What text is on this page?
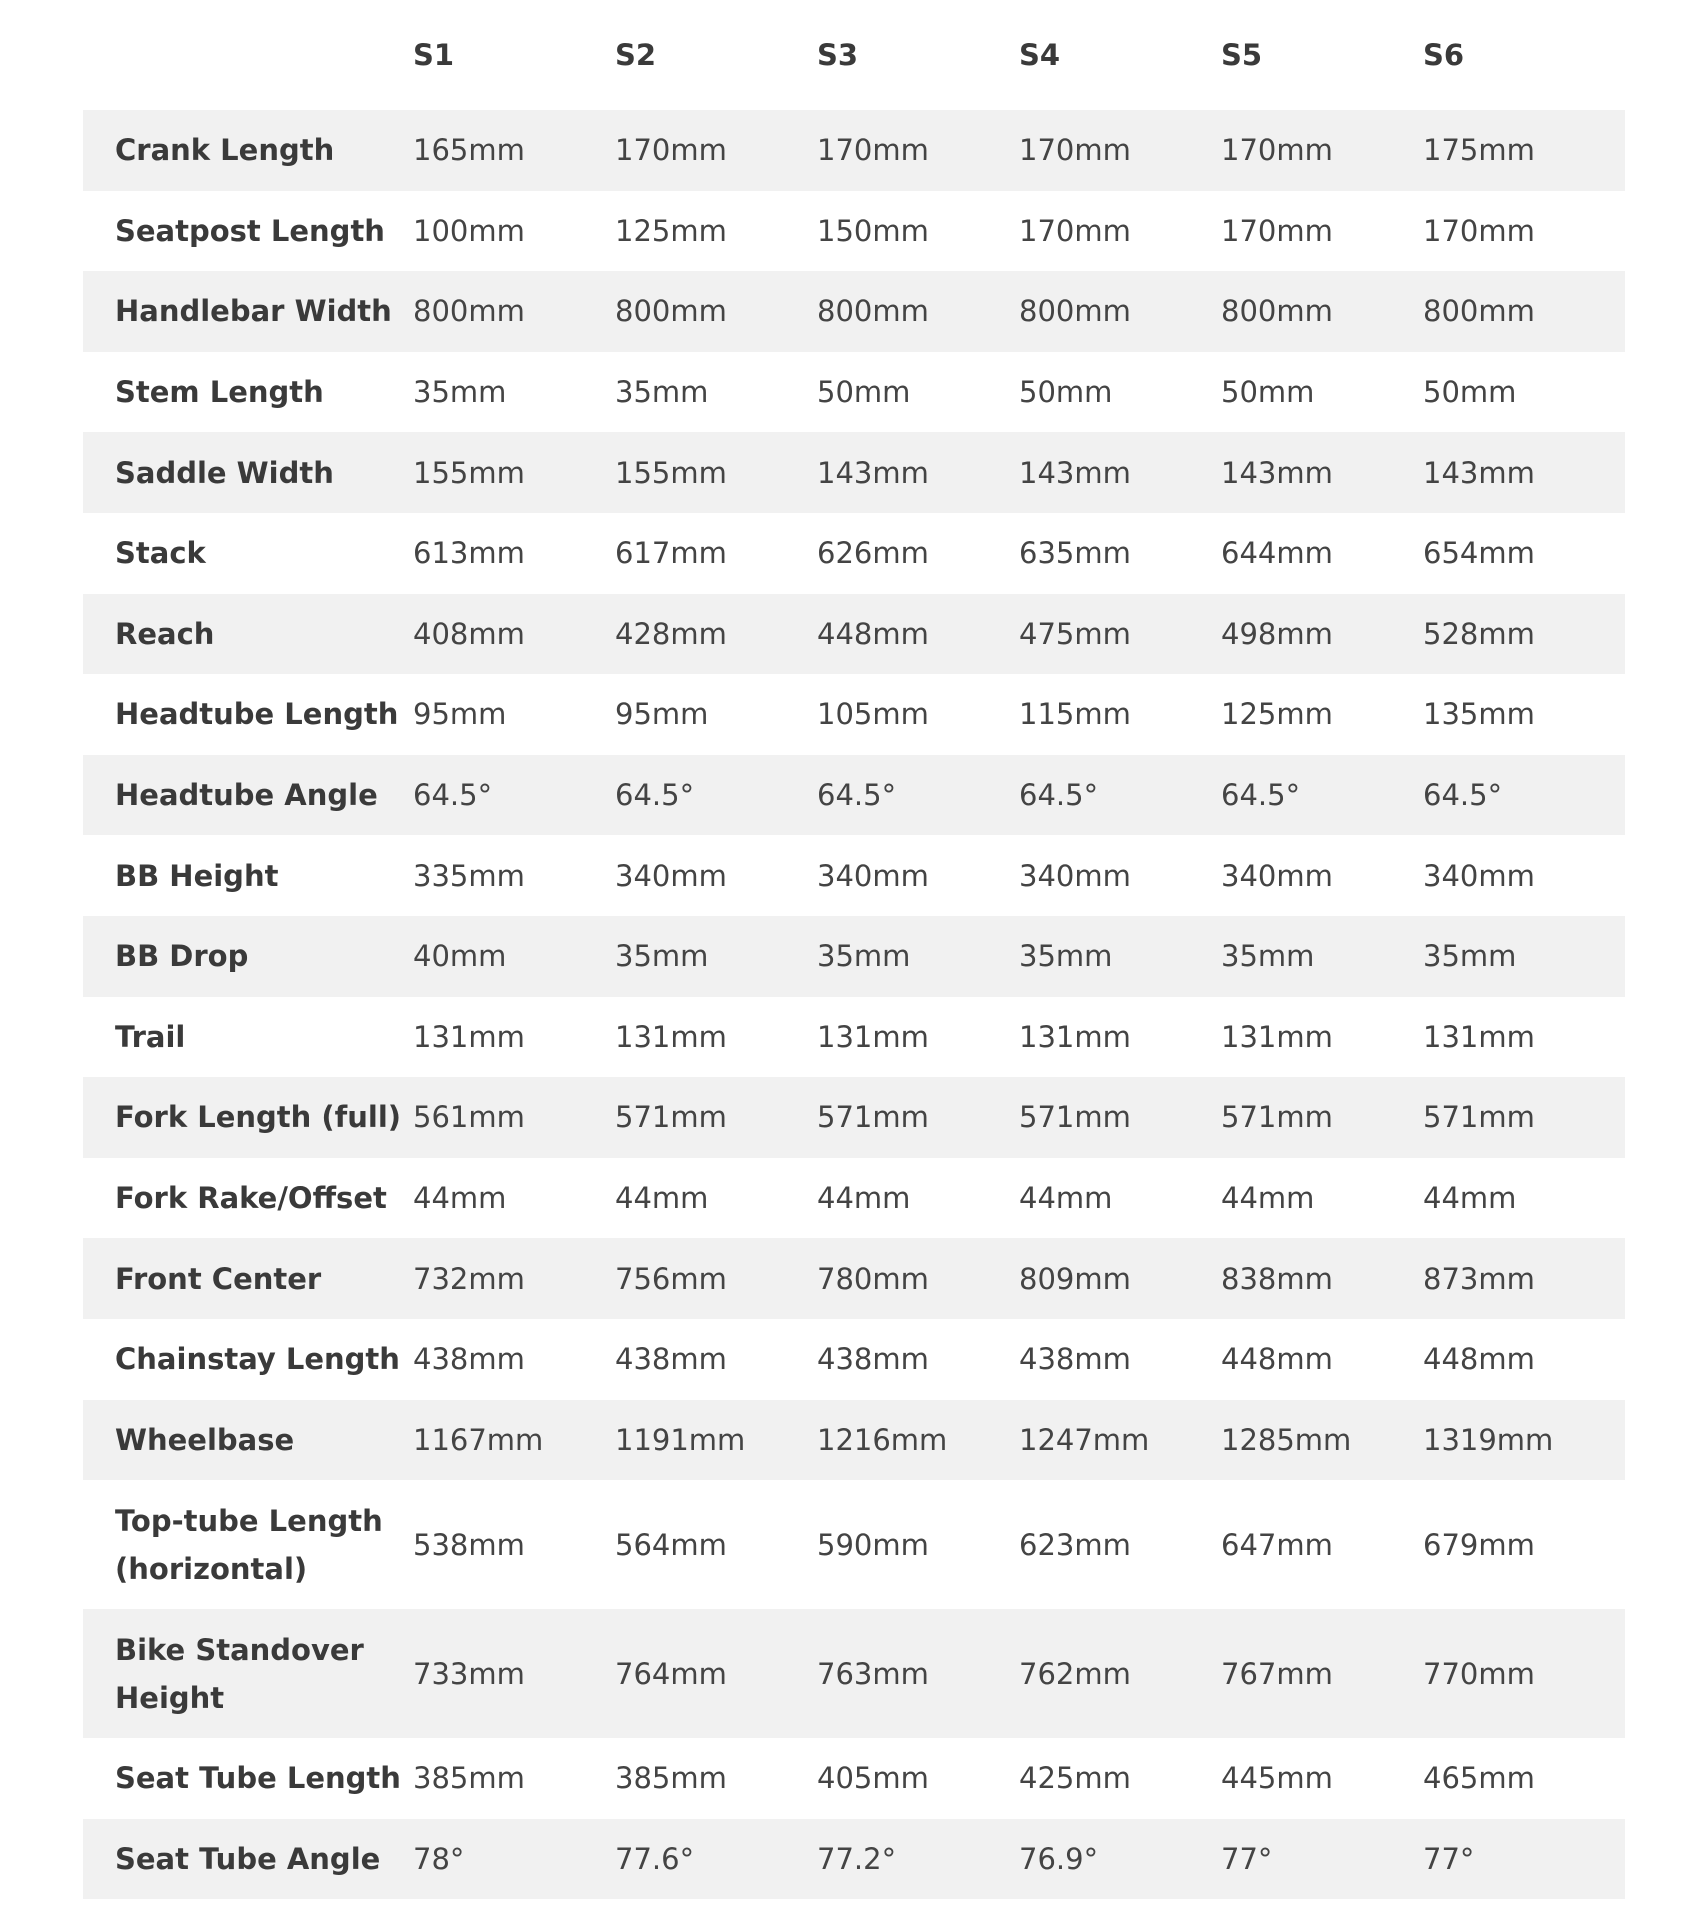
	S1	S2	S3	S4	S5	S6
Crank Length	165mm	170mm	170mm	170mm	170mm	175mm
Seatpost Length	100mm	125mm	150mm	170mm	170mm	170mm
Handlebar Width	800mm	800mm	800mm	800mm	800mm	800mm
Stem Length	35mm	35mm	50mm	50mm	50mm	50mm
Saddle Width	155mm	155mm	143mm	143mm	143mm	143mm
Stack	613mm	617mm	626mm	635mm	644mm	654mm
Reach	408mm	428mm	448mm	475mm	498mm	528mm
Headtube Length	95mm	95mm	105mm	115mm	125mm	135mm
Headtube Angle	64.5°	64.5°	64.5°	64.5°	64.5°	64.5°
BB Height	335mm	340mm	340mm	340mm	340mm	340mm
BB Drop	40mm	35mm	35mm	35mm	35mm	35mm
Trail	131mm	131mm	131mm	131mm	131mm	131mm
Fork Length (full)	561mm	571mm	571mm	571mm	571mm	571mm
Fork Rake/Offset	44mm	44mm	44mm	44mm	44mm	44mm
Front Center	732mm	756mm	780mm	809mm	838mm	873mm
Chainstay Length	438mm	438mm	438mm	438mm	448mm	448mm
Wheelbase	1167mm	1191mm	1216mm	1247mm	1285mm	1319mm
Top-tube Length (horizontal)	538mm	564mm	590mm	623mm	647mm	679mm
Bike Standover Height	733mm	764mm	763mm	762mm	767mm	770mm
Seat Tube Length	385mm	385mm	405mm	425mm	445mm	465mm
Seat Tube Angle	78°	77.6°	77.2°	76.9°	77°	77°
